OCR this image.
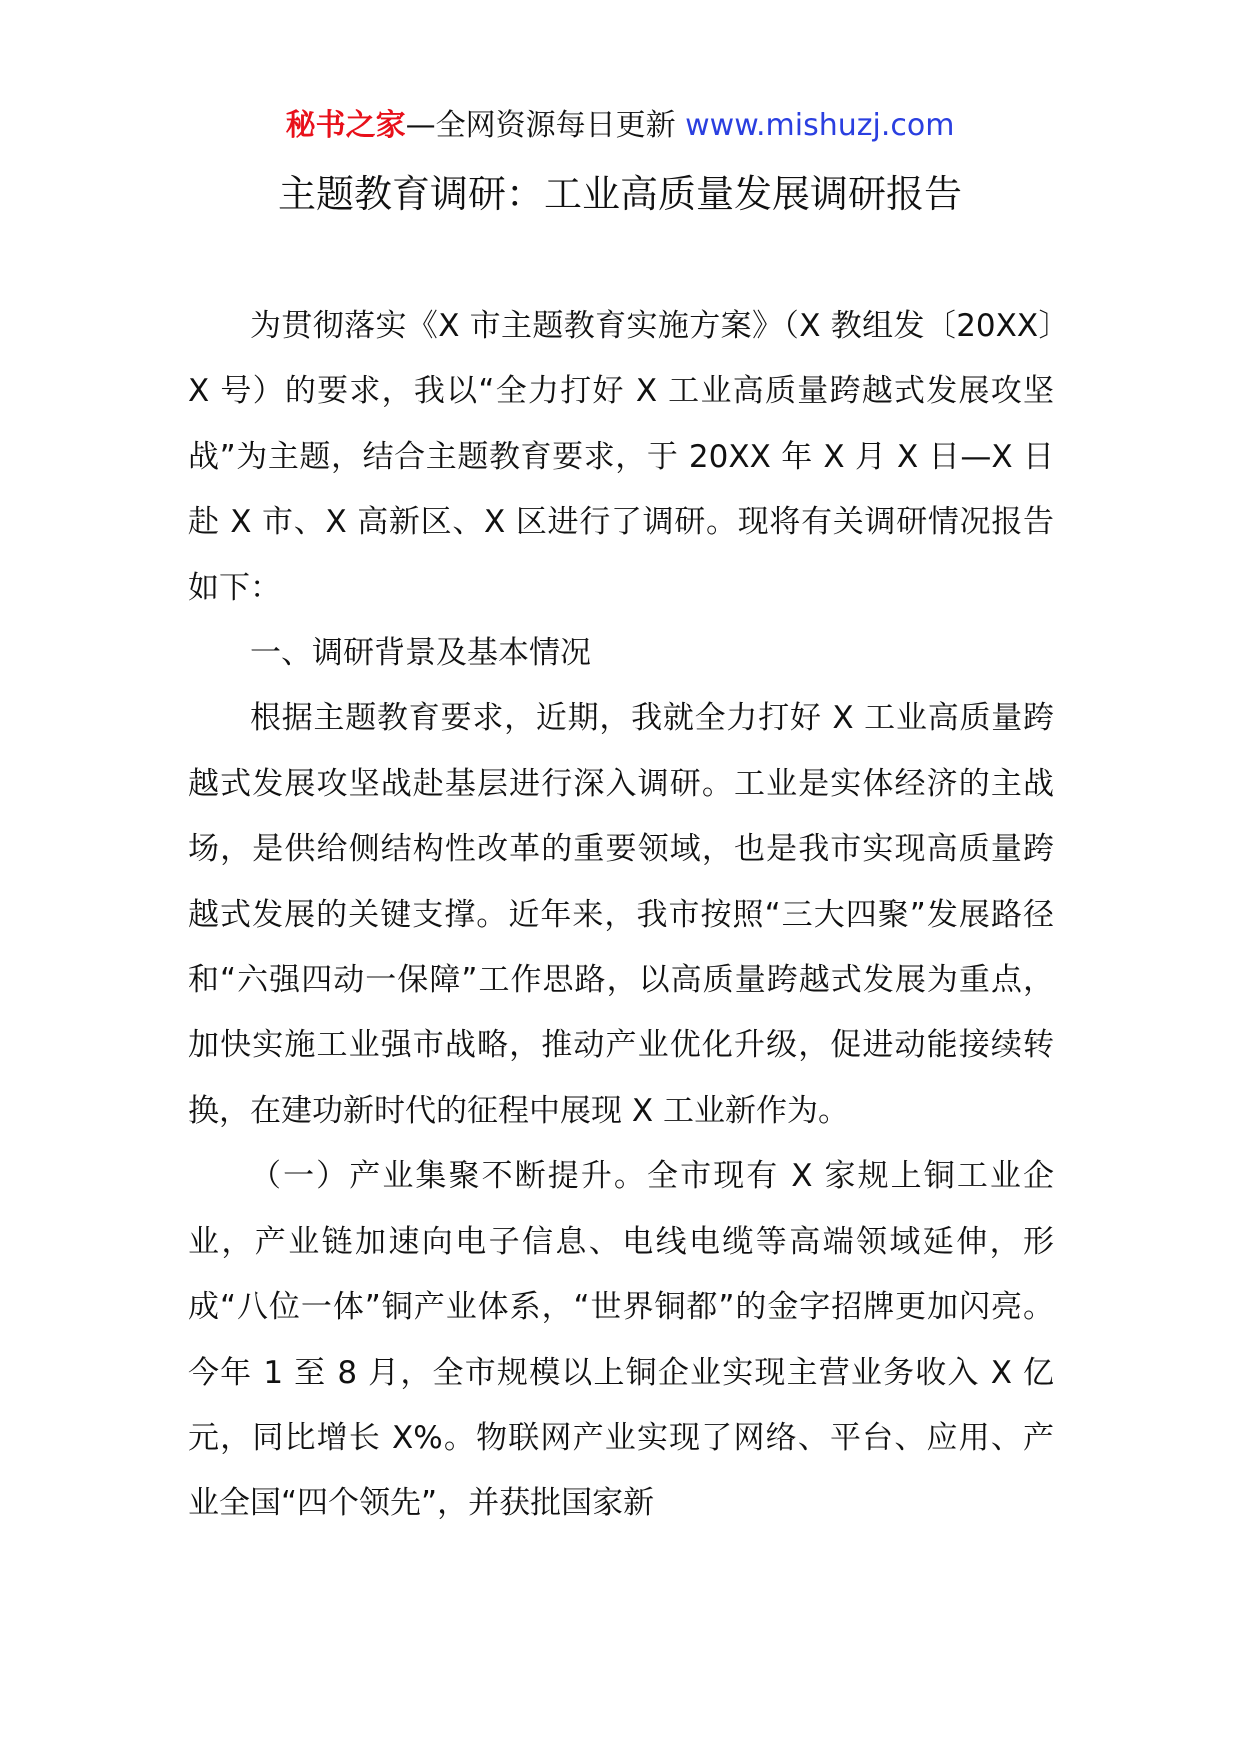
秘书之家—全网资源每日更新 www.mishuzj.com
主题教育调研：工业高质量发展调研报告

为贯彻落实《X 市主题教育实施方案》（X 教组发〔20XX〕X 号）的要求，我以“全力打好 X 工业高质量跨越式发展攻坚战”为主题，结合主题教育要求，于 20XX 年 X 月 X 日—X 日赴 X 市、X 高新区、X 区进行了调研。现将有关调研情况报告如下：

一、调研背景及基本情况

根据主题教育要求，近期，我就全力打好 X 工业高质量跨越式发展攻坚战赴基层进行深入调研。工业是实体经济的主战场，是供给侧结构性改革的重要领域，也是我市实现高质量跨越式发展的关键支撑。近年来，我市按照“三大四聚”发展路径和“六强四动一保障”工作思路，以高质量跨越式发展为重点，加快实施工业强市战略，推动产业优化升级，促进动能接续转换，在建功新时代的征程中展现 X 工业新作为。

（一）产业集聚不断提升。全市现有 X 家规上铜工业企业，产业链加速向电子信息、电线电缆等高端领域延伸，形成“八位一体”铜产业体系，“世界铜都”的金字招牌更加闪亮。今年 1 至 8 月，全市规模以上铜企业实现主营业务收入 X 亿元，同比增长 X%。物联网产业实现了网络、平台、应用、产业全国“四个领先”，并获批国家新
